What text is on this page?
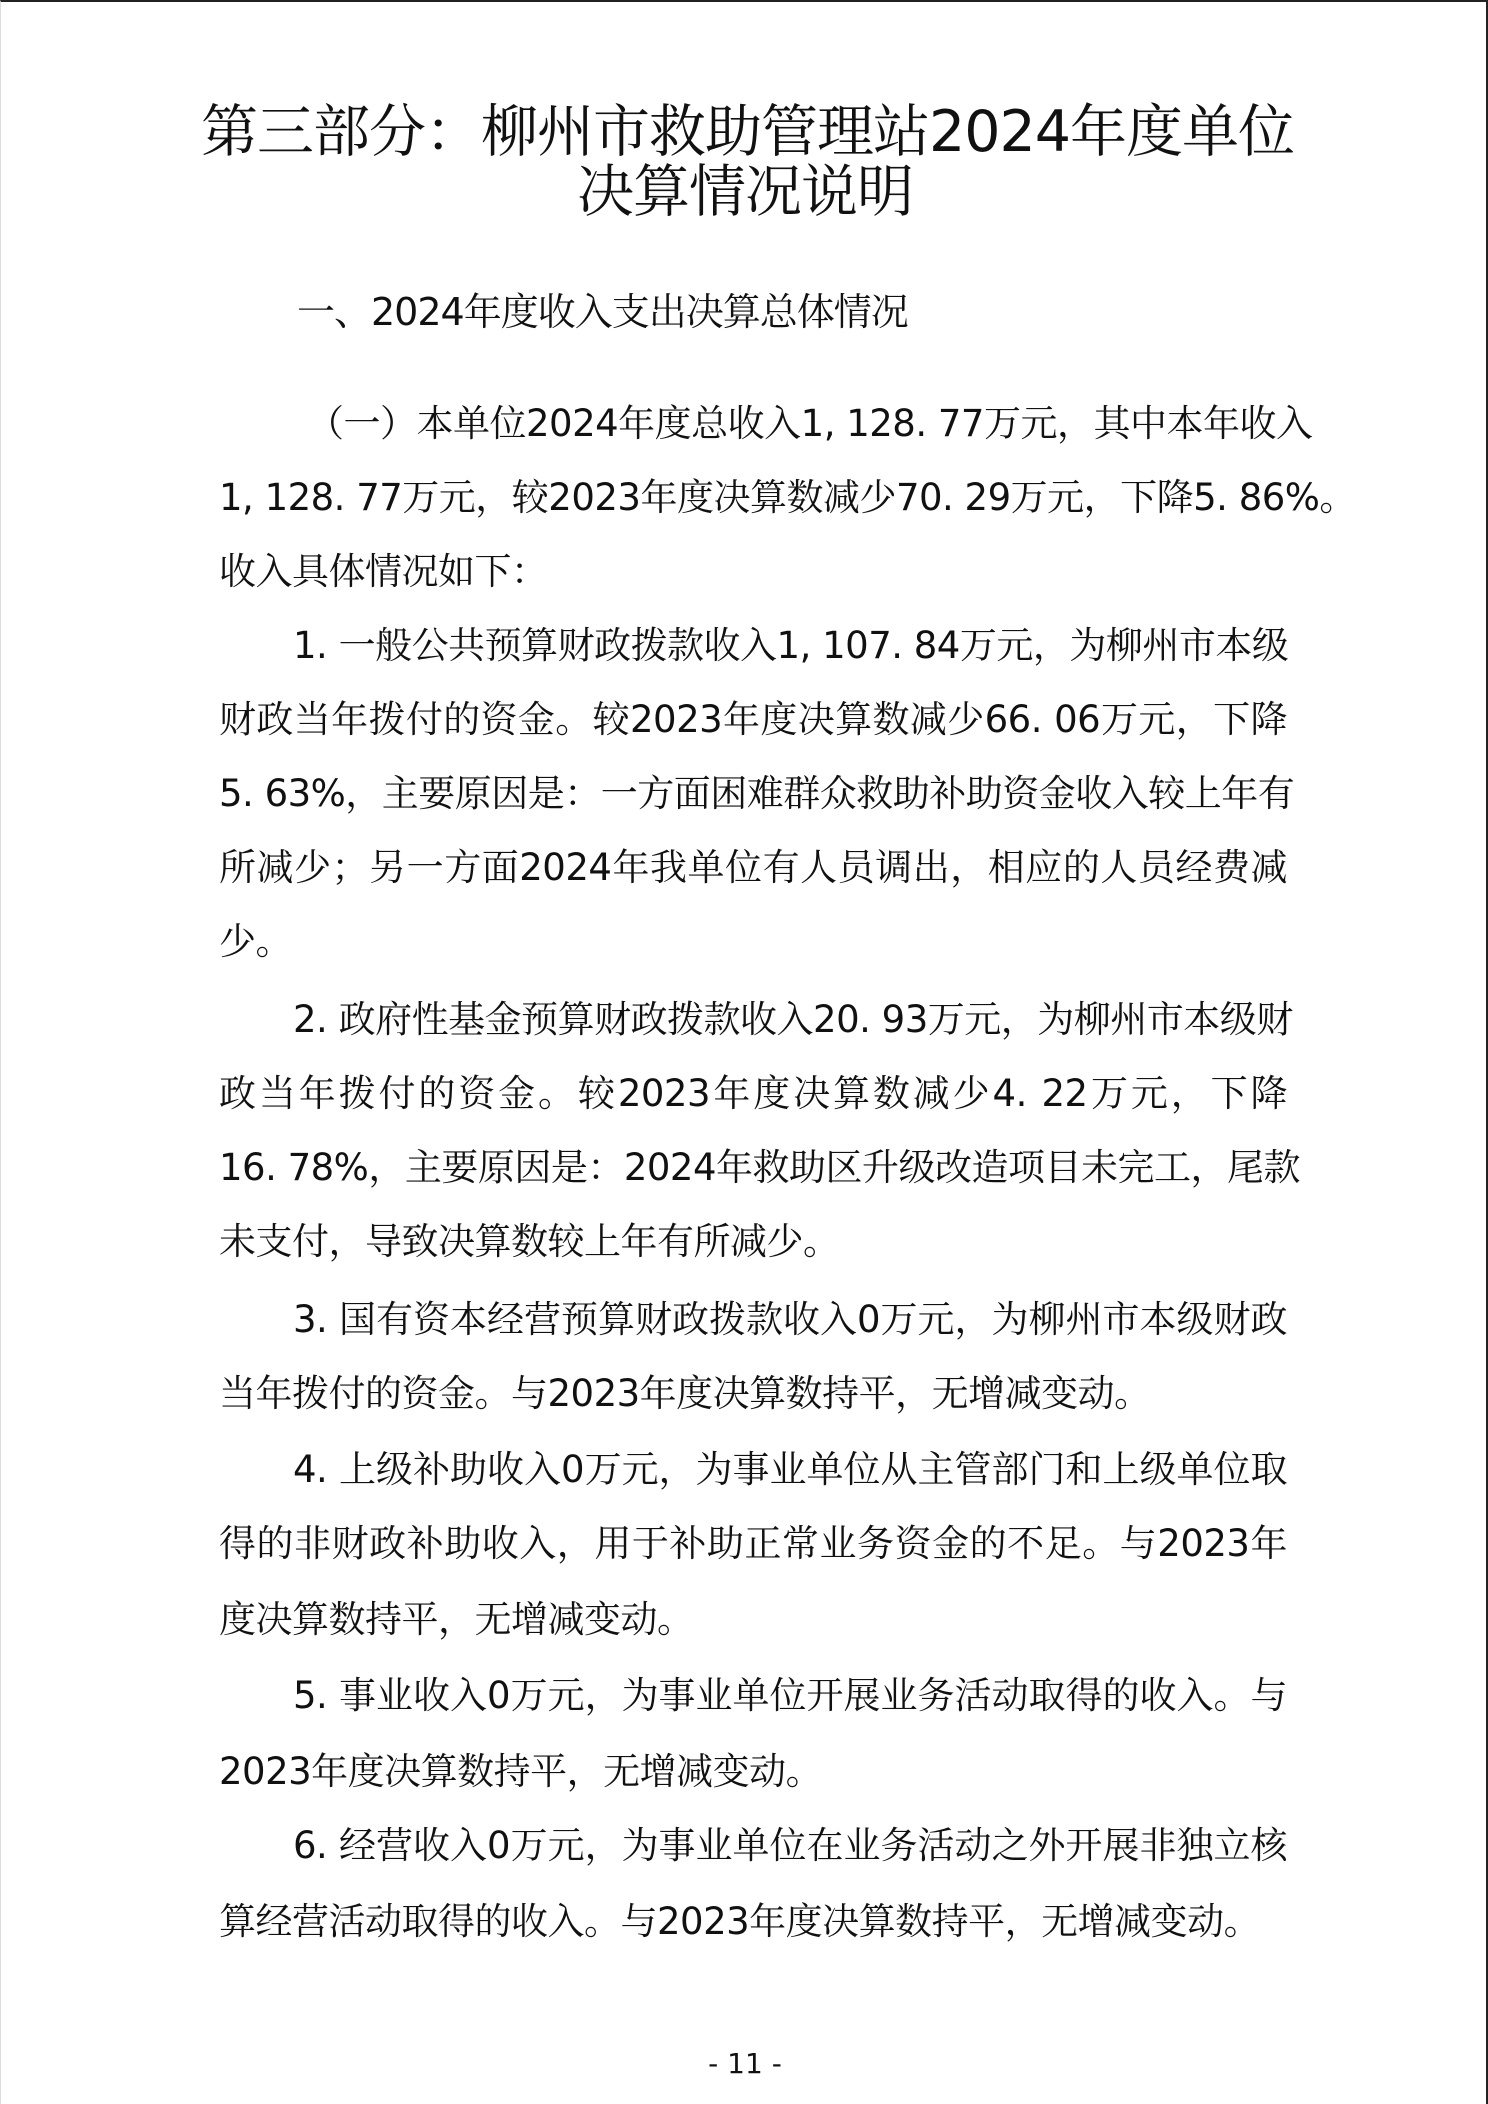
第三部分：柳州市救助管理站2024年度单位
决算情况说明
一、2024年度收入支出决算总体情况
（一）本单位2024年度总收入1, 128. 77万元，其中本年收入
1, 128. 77万元，较2023年度决算数减少70. 29万元，下降5. 86%。
收入具体情况如下：
1. 一般公共预算财政拨款收入1, 107. 84万元，为柳州市本级
财政当年拨付的资金。较2023年度决算数减少66. 06万元，下降
5. 63%，主要原因是：一方面困难群众救助补助资金收入较上年有
所减少；另一方面2024年我单位有人员调出，相应的人员经费减
少。
2. 政府性基金预算财政拨款收入20. 93万元，为柳州市本级财
政当年拨付的资金。较2023年度决算数减少4. 22万元，下降
16. 78%，主要原因是：2024年救助区升级改造项目未完工，尾款
未支付，导致决算数较上年有所减少。
3. 国有资本经营预算财政拨款收入0万元，为柳州市本级财政
当年拨付的资金。与2023年度决算数持平，无增减变动。
4. 上级补助收入0万元，为事业单位从主管部门和上级单位取
得的非财政补助收入，用于补助正常业务资金的不足。与2023年
度决算数持平，无增减变动。
5. 事业收入0万元，为事业单位开展业务活动取得的收入。与
2023年度决算数持平，无增减变动。
6. 经营收入0万元，为事业单位在业务活动之外开展非独立核
算经营活动取得的收入。与2023年度决算数持平，无增减变动。
- 11 -
